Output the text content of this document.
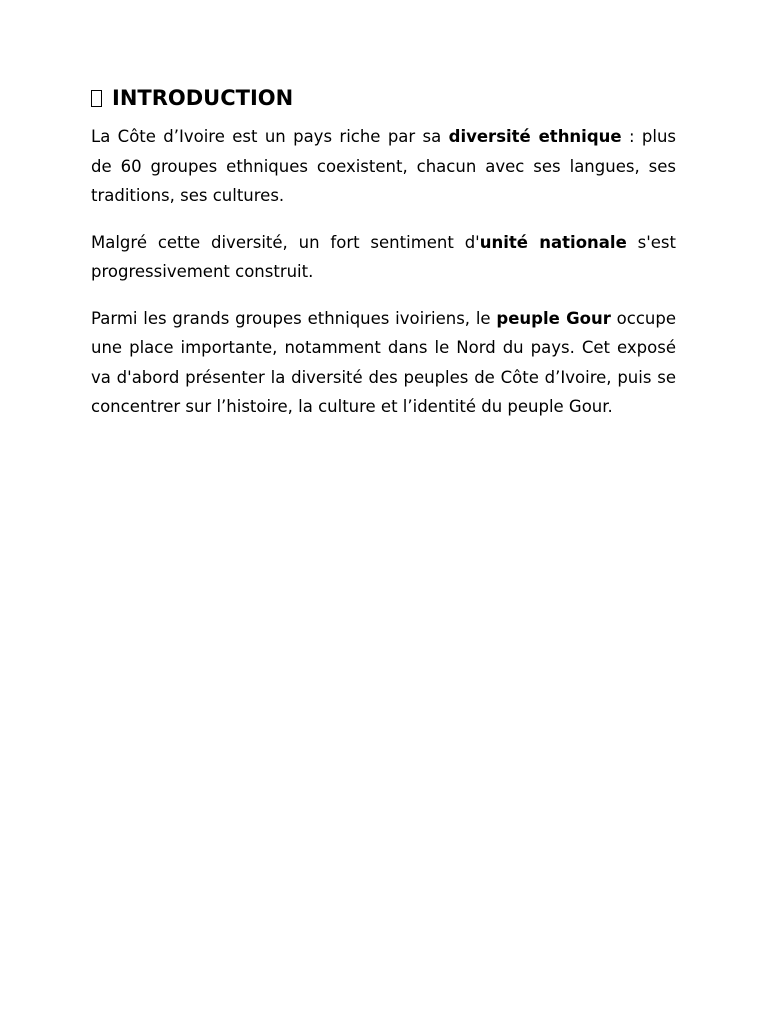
INTRODUCTION

La Côte d’Ivoire est un pays riche par sa diversité ethnique : plus de 60 groupes ethniques coexistent, chacun avec ses langues, ses traditions, ses cultures.

Malgré cette diversité, un fort sentiment d'unité nationale s'est progressivement construit.

Parmi les grands groupes ethniques ivoiriens, le peuple Gour occupe une place importante, notamment dans le Nord du pays. Cet exposé va d'abord présenter la diversité des peuples de Côte d’Ivoire, puis se concentrer sur l’histoire, la culture et l’identité du peuple Gour.
